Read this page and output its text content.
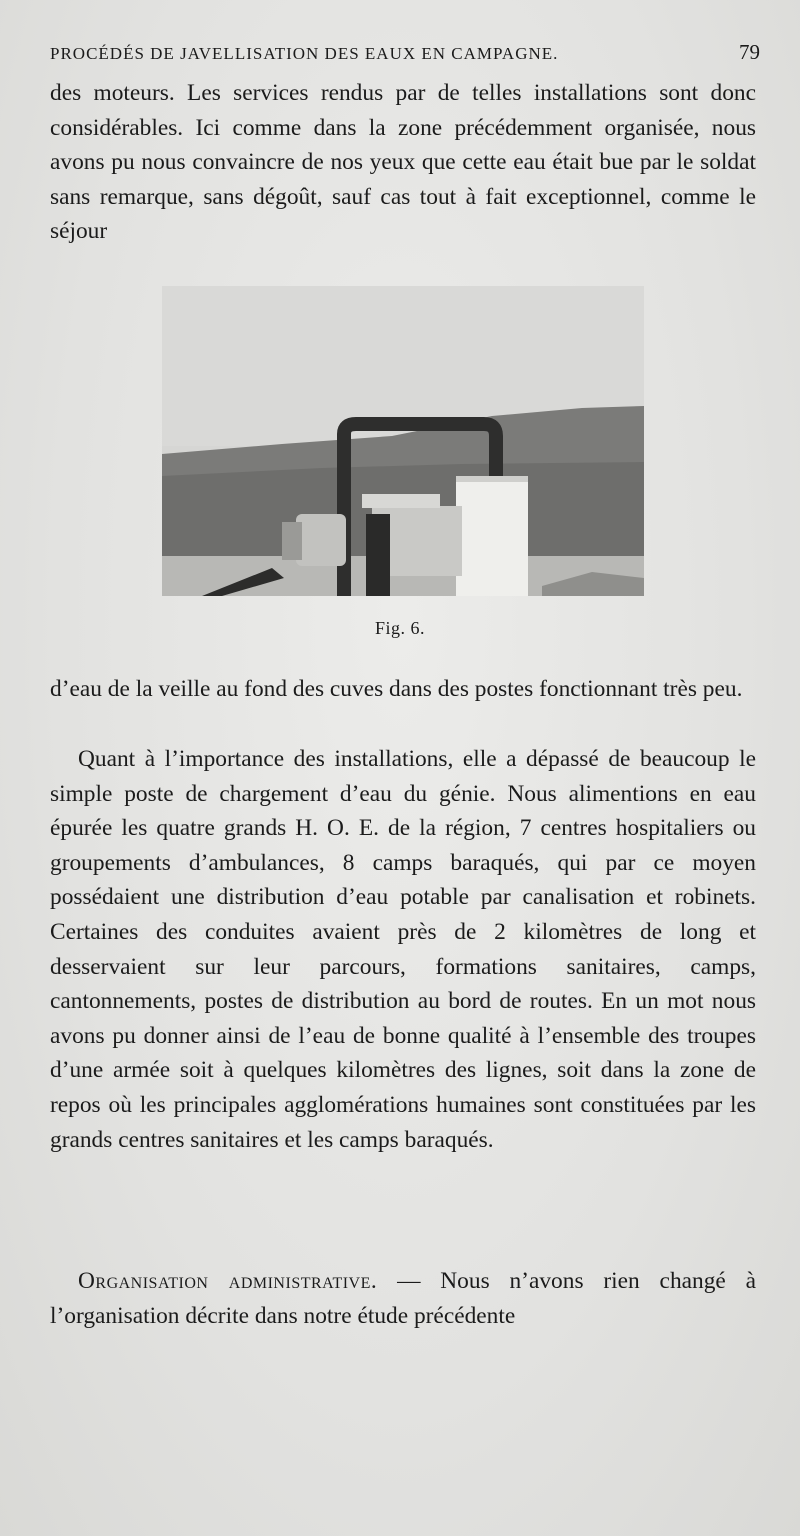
PROCÉDÉS DE JAVELLISATION DES EAUX EN CAMPAGNE.	79

des moteurs. Les services rendus par de telles installations sont donc considérables. Ici comme dans la zone précédemment organisée, nous avons pu nous convaincre de nos yeux que cette eau était bue par le soldat sans remarque, sans dégoût, sauf cas tout à fait exceptionnel, comme le séjour

Fig. 6.

d’eau de la veille au fond des cuves dans des postes fonctionnant très peu.

Quant à l’importance des installations, elle a dépassé de beaucoup le simple poste de chargement d’eau du génie. Nous alimentions en eau épurée les quatre grands H. O. E. de la région, 7 centres hospitaliers ou groupements d’ambulances, 8 camps baraqués, qui par ce moyen possédaient une distribution d’eau potable par canalisation et robinets. Certaines des conduites avaient près de 2 kilomètres de long et desservaient sur leur parcours, formations sanitaires, camps, cantonnements, postes de distribution au bord de routes. En un mot nous avons pu donner ainsi de l’eau de bonne qualité à l’ensemble des troupes d’une armée soit à quelques kilomètres des lignes, soit dans la zone de repos où les principales agglomérations humaines sont constituées par les grands centres sanitaires et les camps baraqués.

Organisation administrative. — Nous n’avons rien changé à l’organisation décrite dans notre étude précédente
